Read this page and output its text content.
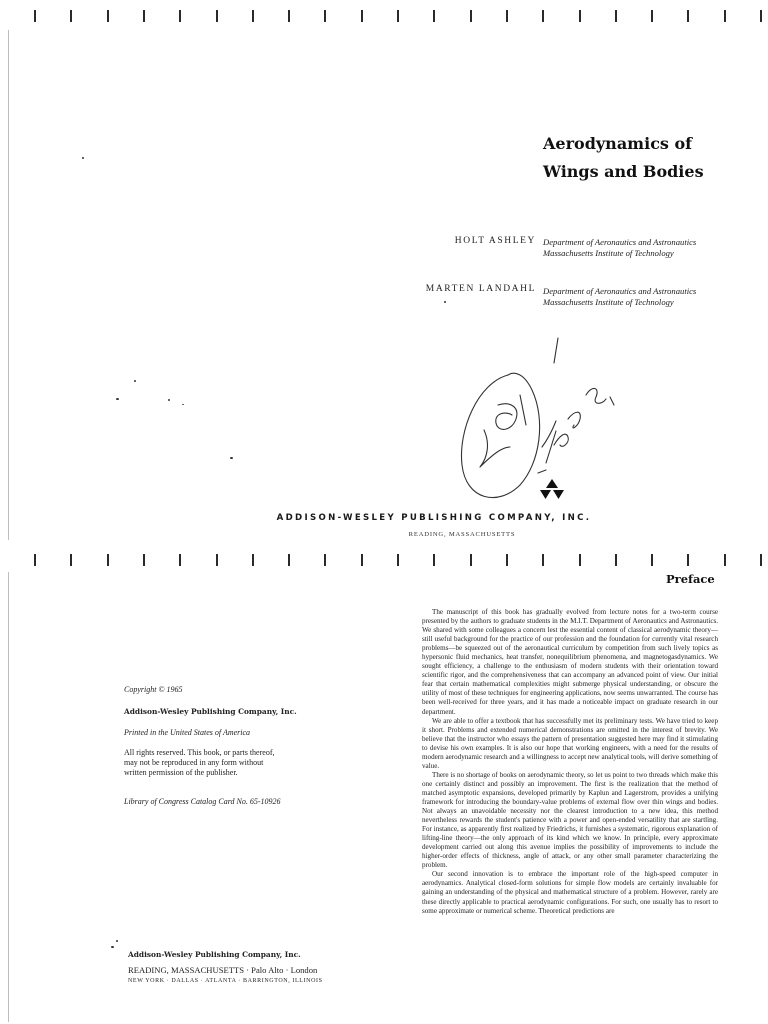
Aerodynamics of
Wings and Bodies
HOLT ASHLEY Department of Aeronautics and Astronautics
Massachusetts Institute of Technology
MARTEN LANDAHL Department of Aeronautics and Astronautics
Massachusetts Institute of Technology
ADDISON-WESLEY PUBLISHING COMPANY, INC.
READING, MASSACHUSETTS
Copyright © 1965
Addison-Wesley Publishing Company, Inc.
Printed in the United States of America
All rights reserved. This book, or parts thereof,
may not be reproduced in any form without
written permission of the publisher.
Library of Congress Catalog Card No. 65-10926
Addison-Wesley Publishing Company, Inc.
READING, MASSACHUSETTS · Palo Alto · London
NEW YORK · DALLAS · ATLANTA · BARRINGTON, ILLINOIS
Preface

The manuscript of this book has gradually evolved from lecture notes for a two-term course presented by the authors to graduate students in the M.I.T. Department of Aeronautics and Astronautics. We shared with some colleagues a concern lest the essential content of classical aerodynamic theory—still useful background for the practice of our profession and the foundation for currently vital research problems—be squeezed out of the aeronautical curriculum by competition from such lively topics as hypersonic fluid mechanics, heat transfer, nonequilibrium phenomena, and magnetogasdynamics. We sought efficiency, a challenge to the enthusiasm of modern students with their orientation toward scientific rigor, and the comprehensiveness that can accompany an advanced point of view. Our initial fear that certain mathematical complexities might submerge physical understanding, or obscure the utility of most of these techniques for engineering applications, now seems unwarranted. The course has been well-received for three years, and it has made a noticeable impact on graduate research in our department.

We are able to offer a textbook that has successfully met its preliminary tests. We have tried to keep it short. Problems and extended numerical demonstrations are omitted in the interest of brevity. We believe that the instructor who essays the pattern of presentation suggested here may find it stimulating to devise his own examples. It is also our hope that working engineers, with a need for the results of modern aerodynamic research and a willingness to accept new analytical tools, will derive something of value.

There is no shortage of books on aerodynamic theory, so let us point to two threads which make this one certainly distinct and possibly an improvement. The first is the realization that the method of matched asymptotic expansions, developed primarily by Kaplun and Lagerstrom, provides a unifying framework for introducing the boundary-value problems of external flow over thin wings and bodies. Not always an unavoidable necessity nor the clearest introduction to a new idea, this method nevertheless rewards the student's patience with a power and open-ended versatility that are startling. For instance, as apparently first realized by Friedrichs, it furnishes a systematic, rigorous explanation of lifting-line theory—the only approach of its kind which we know. In principle, every approximate development carried out along this avenue implies the possibility of improvements to include the higher-order effects of thickness, angle of attack, or any other small parameter characterizing the problem.

Our second innovation is to embrace the important role of the high-speed computer in aerodynamics. Analytical closed-form solutions for simple flow models are certainly invaluable for gaining an understanding of the physical and mathematical structure of a problem. However, rarely are these directly applicable to practical aerodynamic configurations. For such, one usually has to resort to some approximate or numerical scheme. Theoretical predictions are
